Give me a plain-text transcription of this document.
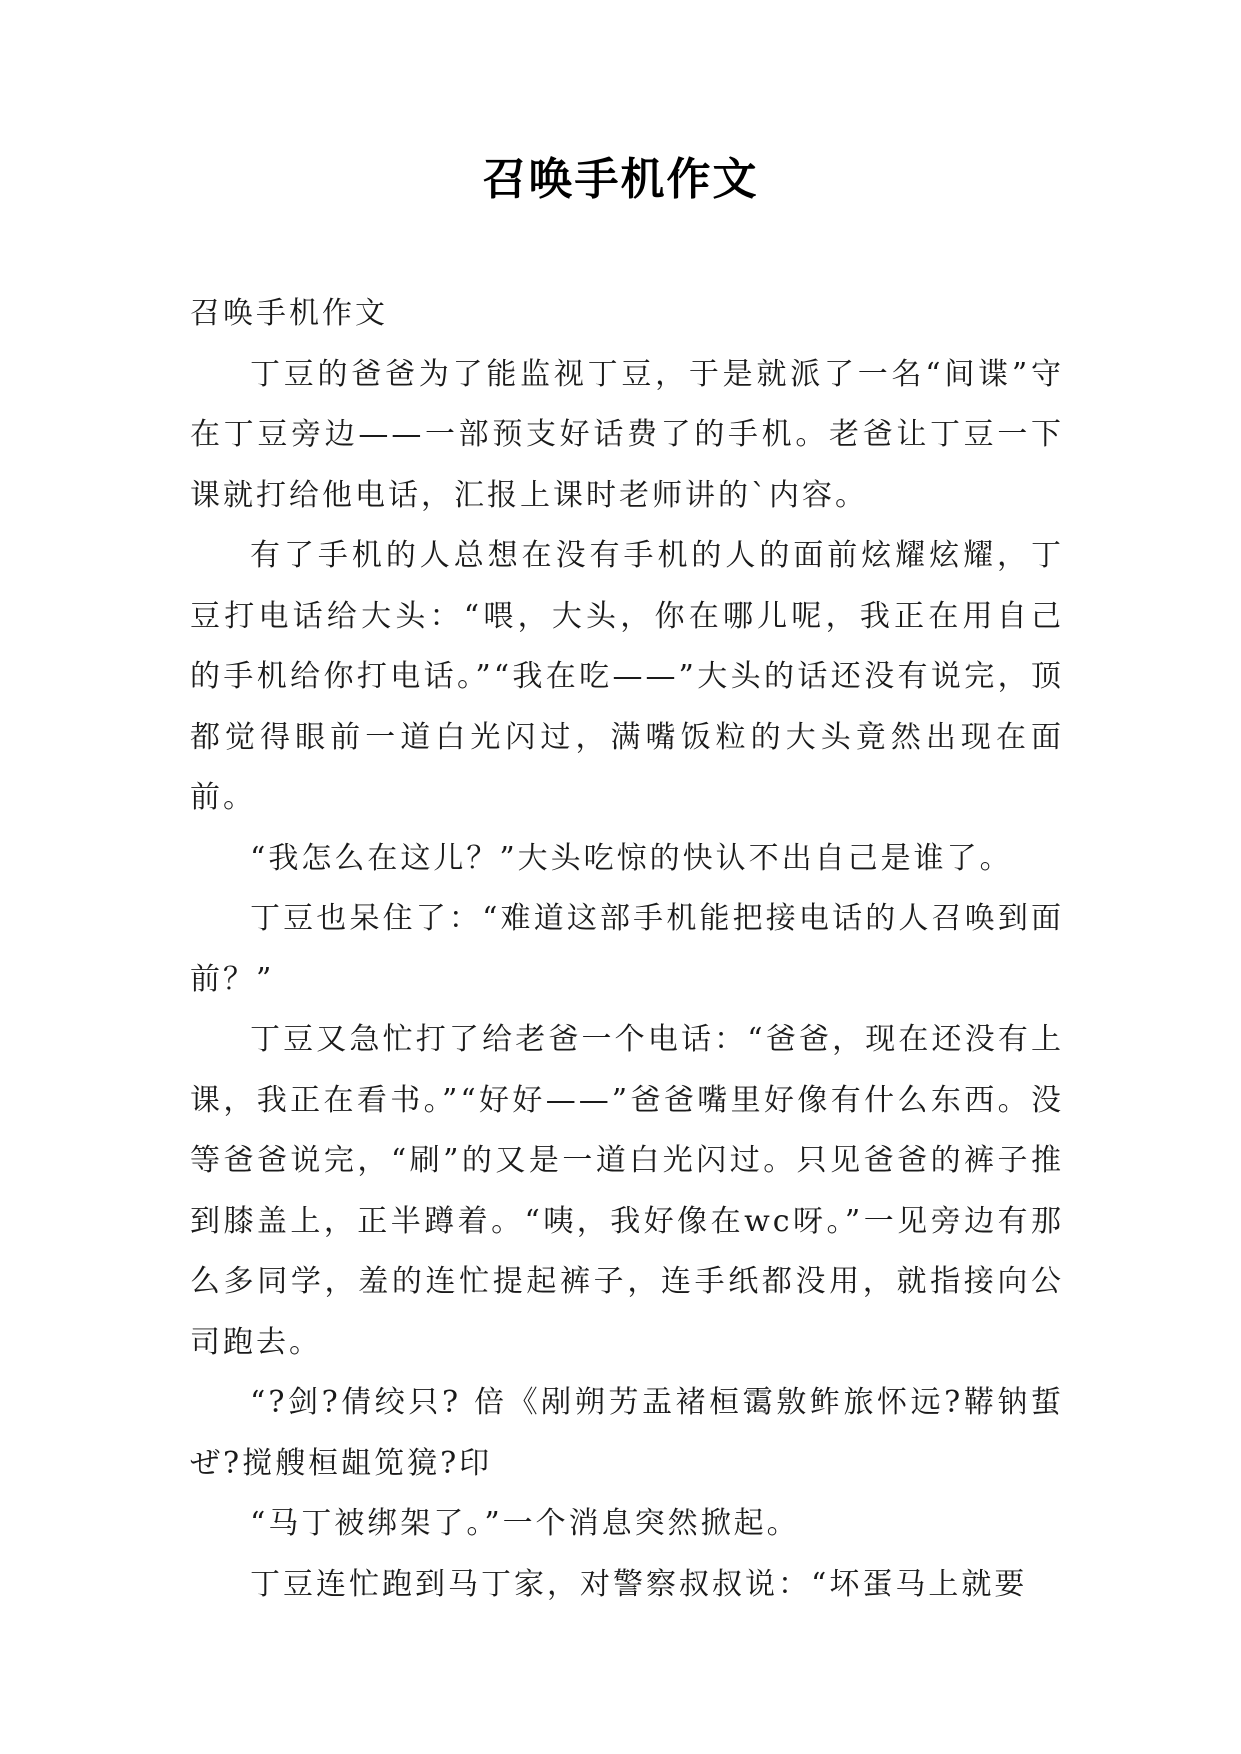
召唤手机作文

召唤手机作文

丁豆的爸爸为了能监视丁豆，于是就派了一名“间谍”守在丁豆旁边——一部预支好话费了的手机。老爸让丁豆一下课就打给他电话，汇报上课时老师讲的`内容。

有了手机的人总想在没有手机的人的面前炫耀炫耀，丁豆打电话给大头：“喂，大头，你在哪儿呢，我正在用自己的手机给你打电话。”“我在吃——”大头的话还没有说完，顶都觉得眼前一道白光闪过，满嘴饭粒的大头竟然出现在面前。

“我怎么在这儿？”大头吃惊的快认不出自己是谁了。

丁豆也呆住了：“难道这部手机能把接电话的人召唤到面前？”

丁豆又急忙打了给老爸一个电话：“爸爸，现在还没有上课，我正在看书。”“好好——”爸爸嘴里好像有什么东西。没等爸爸说完，“刷”的又是一道白光闪过。只见爸爸的裤子推到膝盖上，正半蹲着。“咦，我好像在wc呀。”一见旁边有那么多同学，羞的连忙提起裤子，连手纸都没用，就指接向公司跑去。

“?剑?倩绞只? 倍《剐朔艻盂褚桓霭敫鲊旅怀远?鞯钠蜇ぜ?搅艘桓龃笕獍?印

“马丁被绑架了。”一个消息突然掀起。

丁豆连忙跑到马丁家，对警察叔叔说：“坏蛋马上就要
